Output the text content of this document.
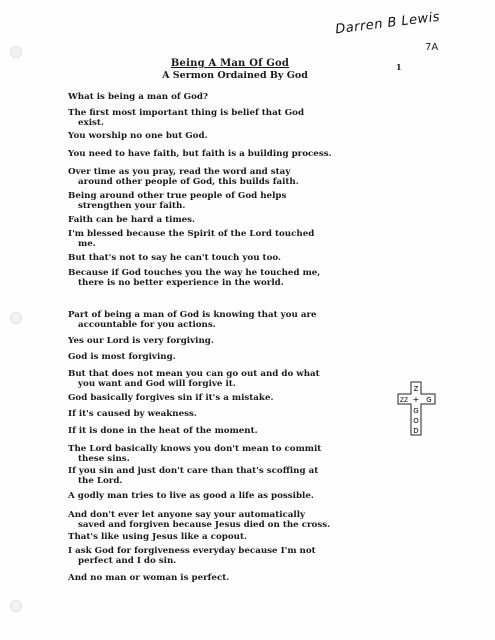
Darren B Lewis
7A
1
Being A Man Of God
A Sermon Ordained By God
What is being a man of God?
The first most important thing is belief that God
exist.
You worship no one but God.
You need to have faith, but faith is a building process.
Over time as you pray, read the word and stay
around other people of God, this builds faith.
Being around other true people of God helps
strengthen your faith.
Faith can be hard a times.
I'm blessed because the Spirit of the Lord touched
me.
But that's not to say he can't touch you too.
Because if God touches you the way he touched me,
there is no better experience in the world.
Part of being a man of God is knowing that you are
accountable for you actions.
Yes our Lord is very forgiving.
God is most forgiving.
But that does not mean you can go out and do what
you want and God will forgive it.
God basically forgives sin if it's a mistake.
If it's caused by weakness.
If it is done in the heat of the moment.
The Lord basically knows you don't mean to commit
these sins.
If you sin and just don't care than that's scoffing at
the Lord.
A godly man tries to live as good a life as possible.
And don't ever let anyone say your automatically
saved and forgiven because Jesus died on the cross.
That's like using Jesus like a copout.
I ask God for forgiveness everyday because I'm not
perfect and I do sin.
And no man or woman is perfect.
Z
ZZ + G
G
O
D
